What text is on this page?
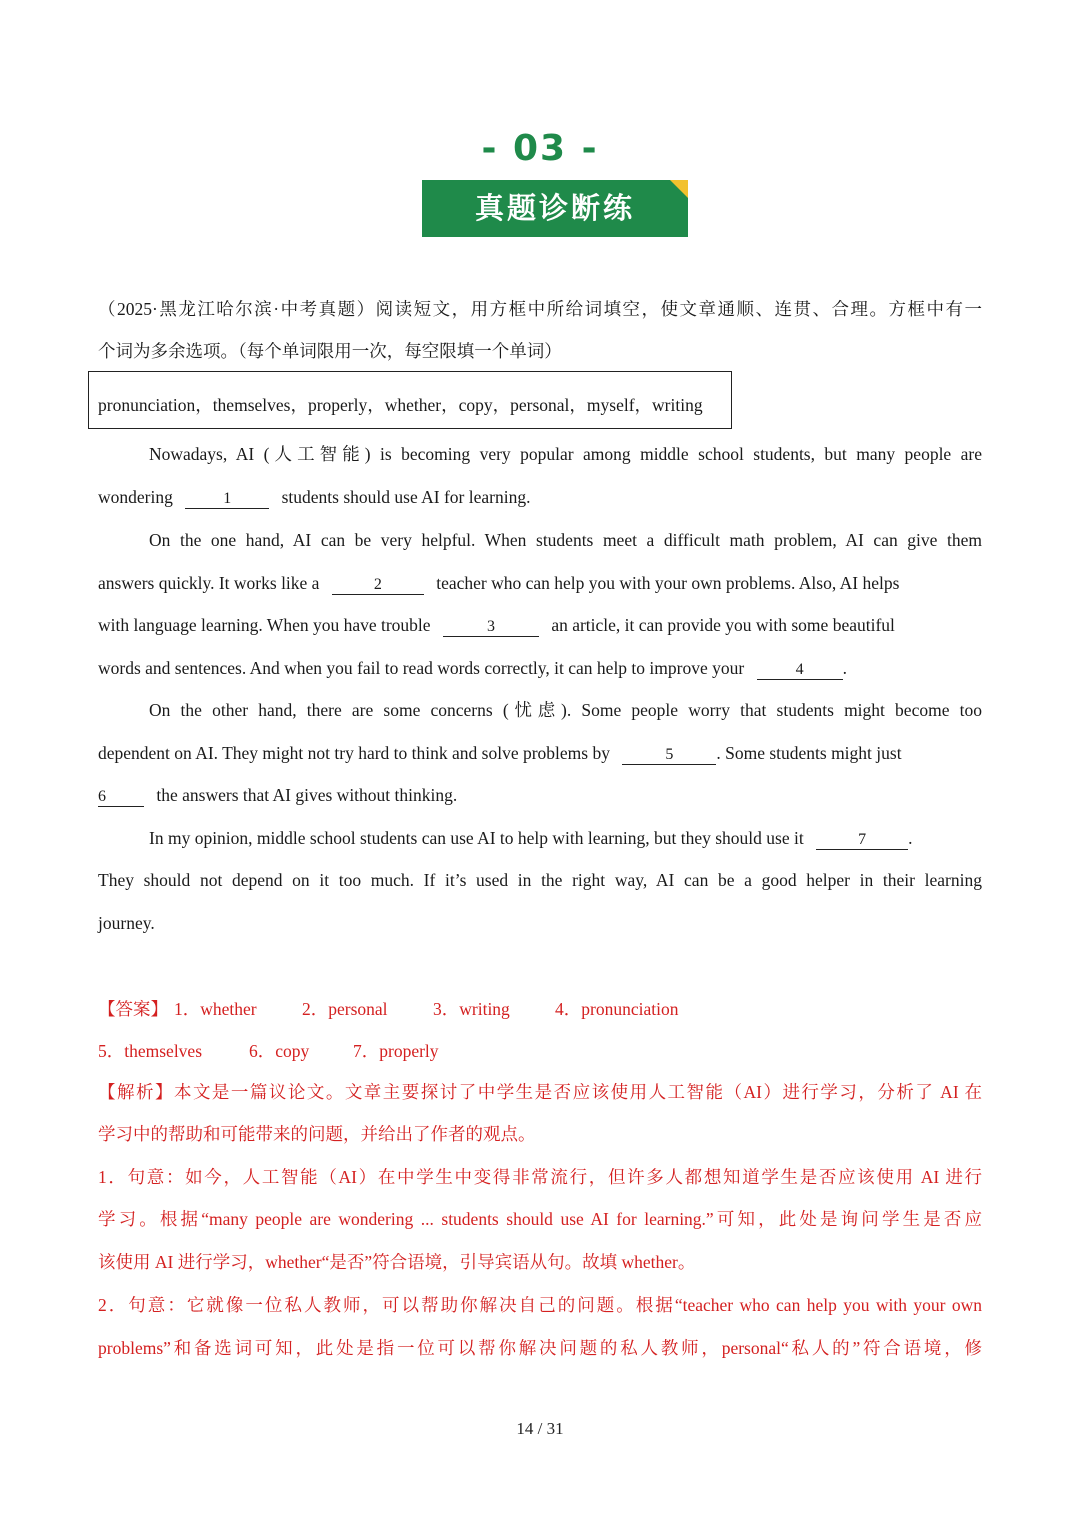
- 03 -
真题诊断练
（2025·黑龙江哈尔滨·中考真题）阅读短文，用方框中所给词填空，使文章通顺、连贯、合理。方框中有一
个词为多余选项。（每个单词限用一次，每空限填一个单词）
pronunciation，themselves，properly，whether，copy，personal，myself，writing
Nowadays, AI (人工智能) is becoming very popular among middle school students, but many people are
wondering	1	students should use AI for learning.
On the one hand, AI can be very helpful. When students meet a difficult math problem, AI can give them
answers quickly. It works like a	2	teacher who can help you with your own problems. Also, AI helps
with language learning. When you have trouble	3	an article, it can provide you with some beautiful
words and sentences. And when you fail to read words correctly, it can help to improve your	4 .
On the other hand, there are some concerns (忧虑). Some people worry that students might become too
dependent on AI. They might not try hard to think and solve problems by	5 . Some students might just
6	the answers that AI gives without thinking.
In my opinion, middle school students can use AI to help with learning, but they should use it	7 .
They should not depend on it too much. If it’s used in the right way, AI can be a good helper in their learning
journey.
【答案】 1．whether	2．personal	3．writing	4．pronunciation
5．themselves	6．copy 7．properly
【解析】本文是一篇议论文。文章主要探讨了中学生是否应该使用人工智能（AI）进行学习，分析了 AI 在
学习中的帮助和可能带来的问题，并给出了作者的观点。
1．句意：如今，人工智能（AI）在中学生中变得非常流行，但许多人都想知道学生是否应该使用 AI 进行
学习。根据“many people are wondering ... students should use AI for learning.”可知，此处是询问学生是否应
该使用 AI 进行学习，whether“是否”符合语境，引导宾语从句。故填 whether。
2．句意：它就像一位私人教师，可以帮助你解决自己的问题。根据“teacher who can help you with your own
problems”和备选词可知，此处是指一位可以帮你解决问题的私人教师，personal“私人的”符合语境，修
14 / 31
